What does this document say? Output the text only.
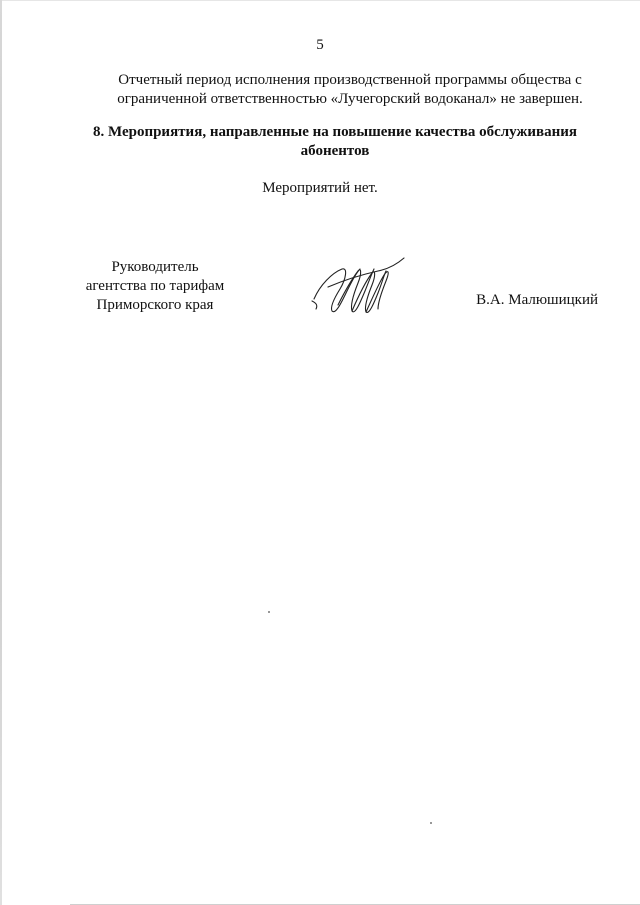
5
Отчетный период исполнения производственной программы общества с
ограниченной ответственностью «Лучегорский водоканал» не завершен.
8. Мероприятия, направленные на повышение качества обслуживания
абонентов
Мероприятий нет.
Руководитель
агентства по тарифам
Приморского края	В.А. Малюшицкий
